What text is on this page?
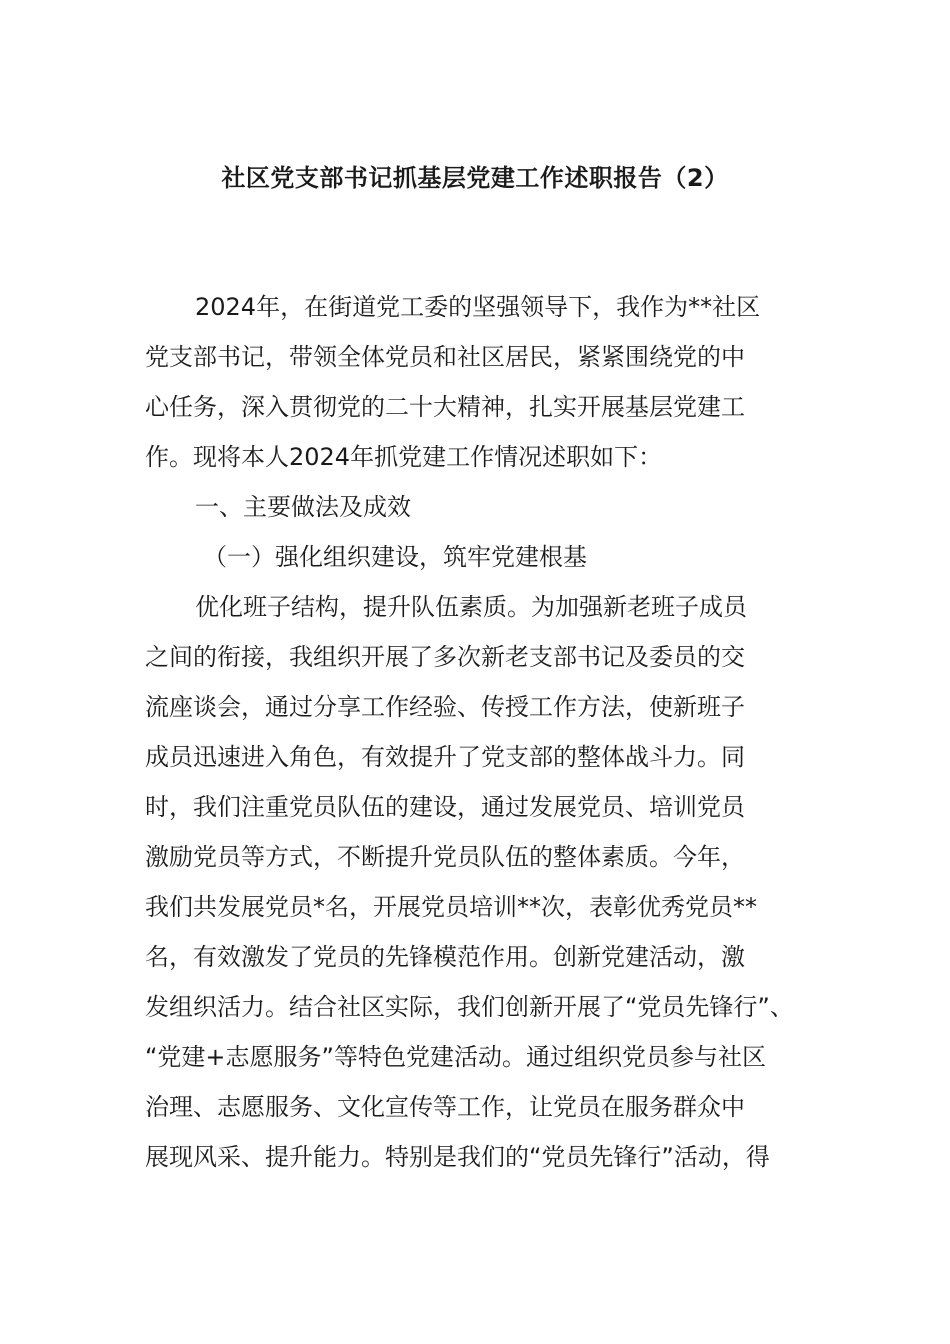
社区党支部书记抓基层党建工作述职报告（2）

2024年，在街道党工委的坚强领导下，我作为**社区

党支部书记，带领全体党员和社区居民，紧紧围绕党的中

心任务，深入贯彻党的二十大精神，扎实开展基层党建工

作。现将本人2024年抓党建工作情况述职如下：

一、主要做法及成效

（一）强化组织建设，筑牢党建根基

优化班子结构，提升队伍素质。为加强新老班子成员

之间的衔接，我组织开展了多次新老支部书记及委员的交

流座谈会，通过分享工作经验、传授工作方法，使新班子

成员迅速进入角色，有效提升了党支部的整体战斗力。同

时，我们注重党员队伍的建设，通过发展党员、培训党员

激励党员等方式，不断提升党员队伍的整体素质。今年，

我们共发展党员*名，开展党员培训**次，表彰优秀党员**

名，有效激发了党员的先锋模范作用。创新党建活动，激

发组织活力。结合社区实际，我们创新开展了“党员先锋行”、

“党建+志愿服务”等特色党建活动。通过组织党员参与社区

治理、志愿服务、文化宣传等工作，让党员在服务群众中

展现风采、提升能力。特别是我们的“党员先锋行”活动，得
